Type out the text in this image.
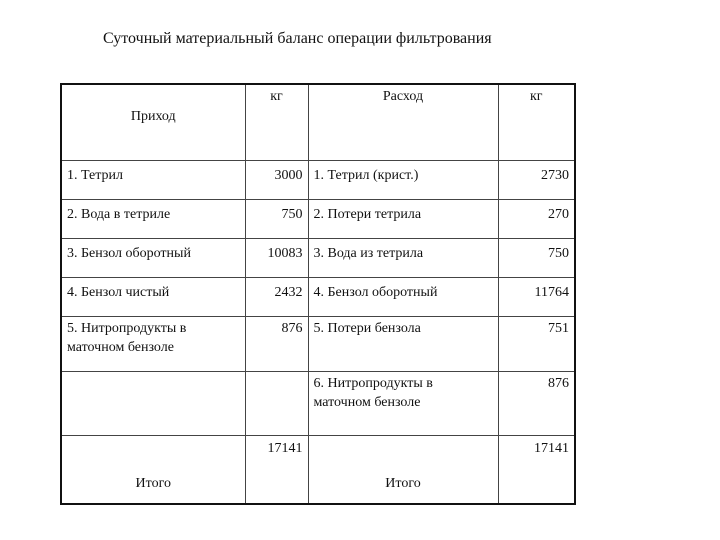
Суточный материальный баланс операции фильтрования
Приход	кг	Расход	кг
1. Тетрил	3000	1. Тетрил (крист.)	2730
2. Вода в тетриле	750	2. Потери тетрила	270
3. Бензол оборотный	10083	3. Вода из тетрила	750
4. Бензол чистый	2432	4. Бензол оборотный	11764
5. Нитропродукты в маточном бензоле	876	5. Потери бензола	751
		6. Нитропродукты в маточном бензоле	876
Итого	17141	Итого	17141
